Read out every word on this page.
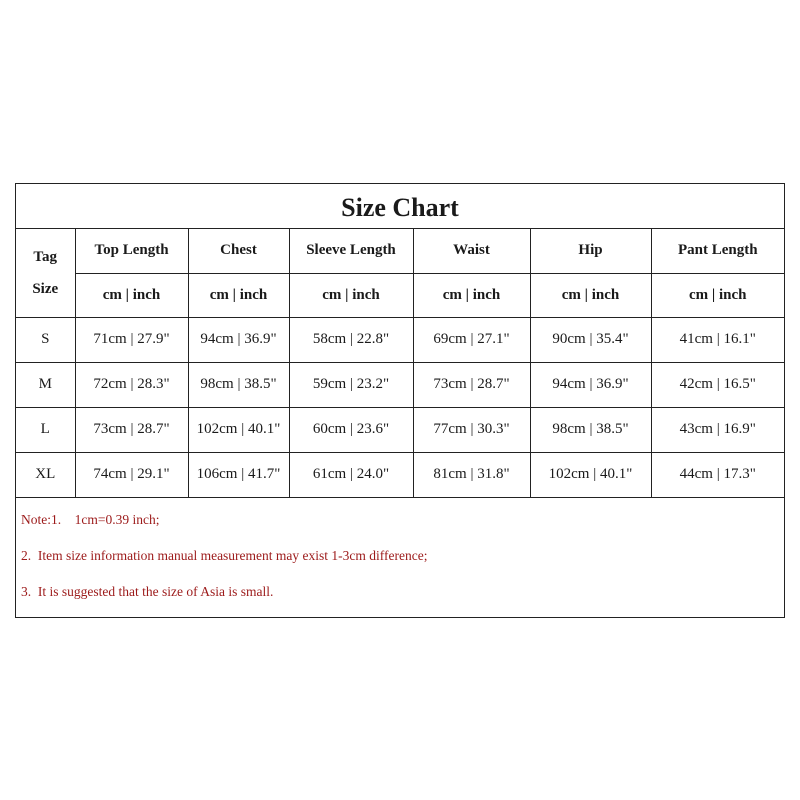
Size Chart
Tag
Size	Top Length	Chest	Sleeve Length	Waist	Hip	Pant Length
	cm | inch	cm | inch	cm | inch	cm | inch	cm | inch	cm | inch
S	71cm | 27.9"	94cm | 36.9"	58cm | 22.8"	69cm | 27.1"	90cm | 35.4"	41cm | 16.1"
M	72cm | 28.3"	98cm | 38.5"	59cm | 23.2"	73cm | 28.7"	94cm | 36.9"	42cm | 16.5"
L	73cm | 28.7"	102cm | 40.1"	60cm | 23.6"	77cm | 30.3"	98cm | 38.5"	43cm | 16.9"
XL	74cm | 29.1"	106cm | 41.7"	61cm | 24.0"	81cm | 31.8"	102cm | 40.1"	44cm | 17.3"
Note:1.    1cm=0.39 inch;
2.  Item size information manual measurement may exist 1-3cm difference;
3.  It is suggested that the size of Asia is small.
